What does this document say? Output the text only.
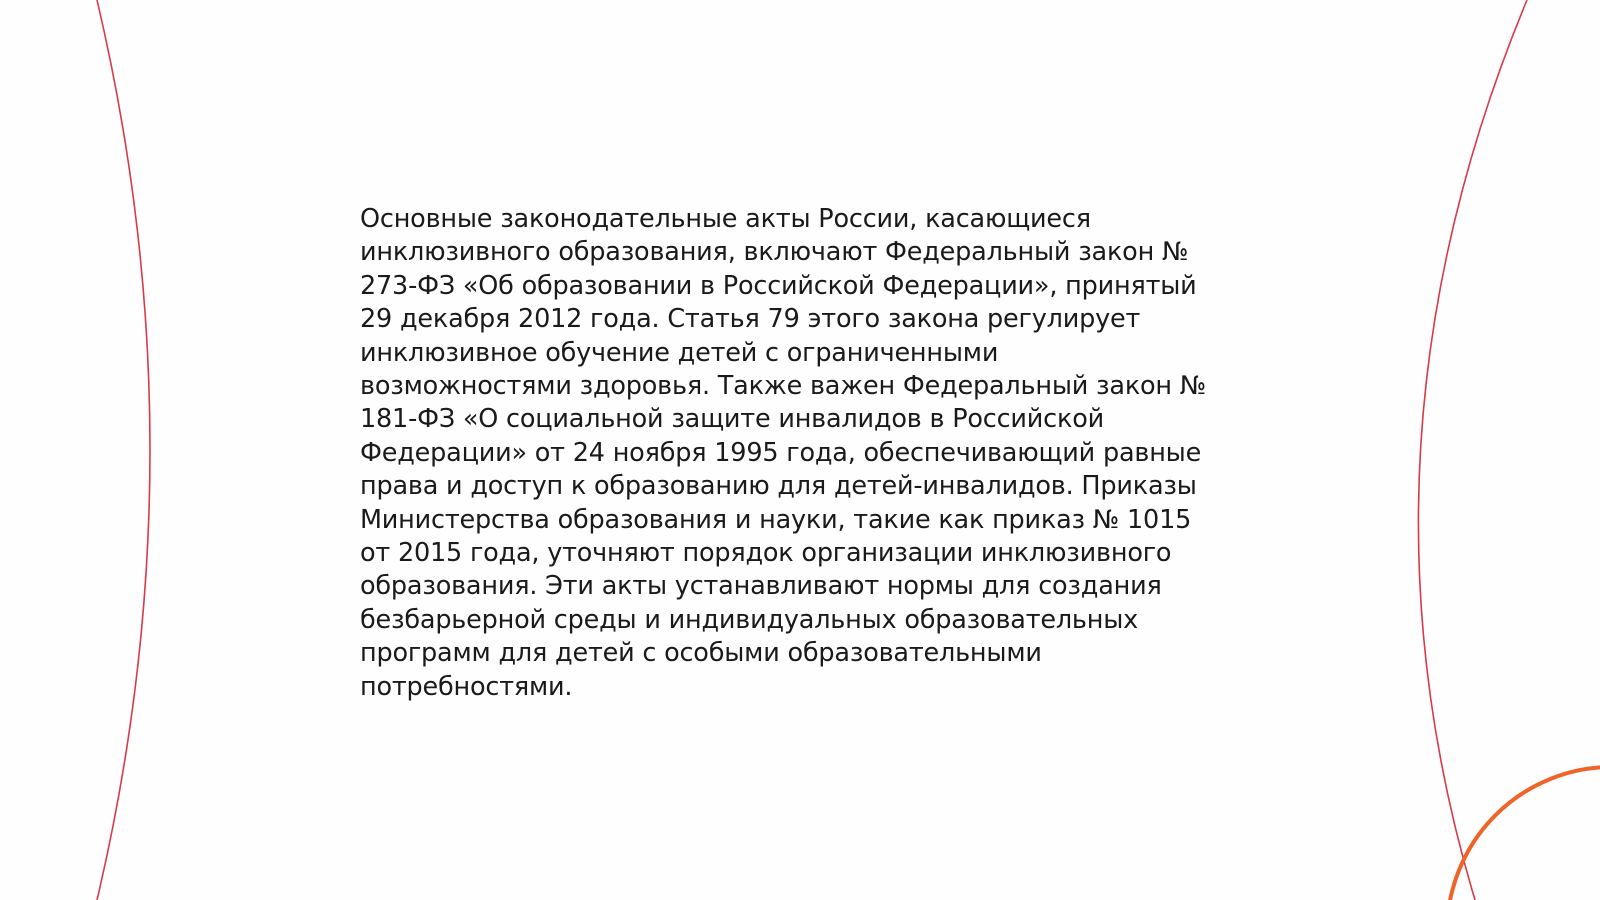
Основные законодательные акты России, касающиеся
инклюзивного образования, включают Федеральный закон №
273-ФЗ «Об образовании в Российской Федерации», принятый
29 декабря 2012 года. Статья 79 этого закона регулирует
инклюзивное обучение детей с ограниченными
возможностями здоровья. Также важен Федеральный закон №
181-ФЗ «О социальной защите инвалидов в Российской
Федерации» от 24 ноября 1995 года, обеспечивающий равные
права и доступ к образованию для детей-инвалидов. Приказы
Министерства образования и науки, такие как приказ № 1015
от 2015 года, уточняют порядок организации инклюзивного
образования. Эти акты устанавливают нормы для создания
безбарьерной среды и индивидуальных образовательных
программ для детей с особыми образовательными
потребностями.
